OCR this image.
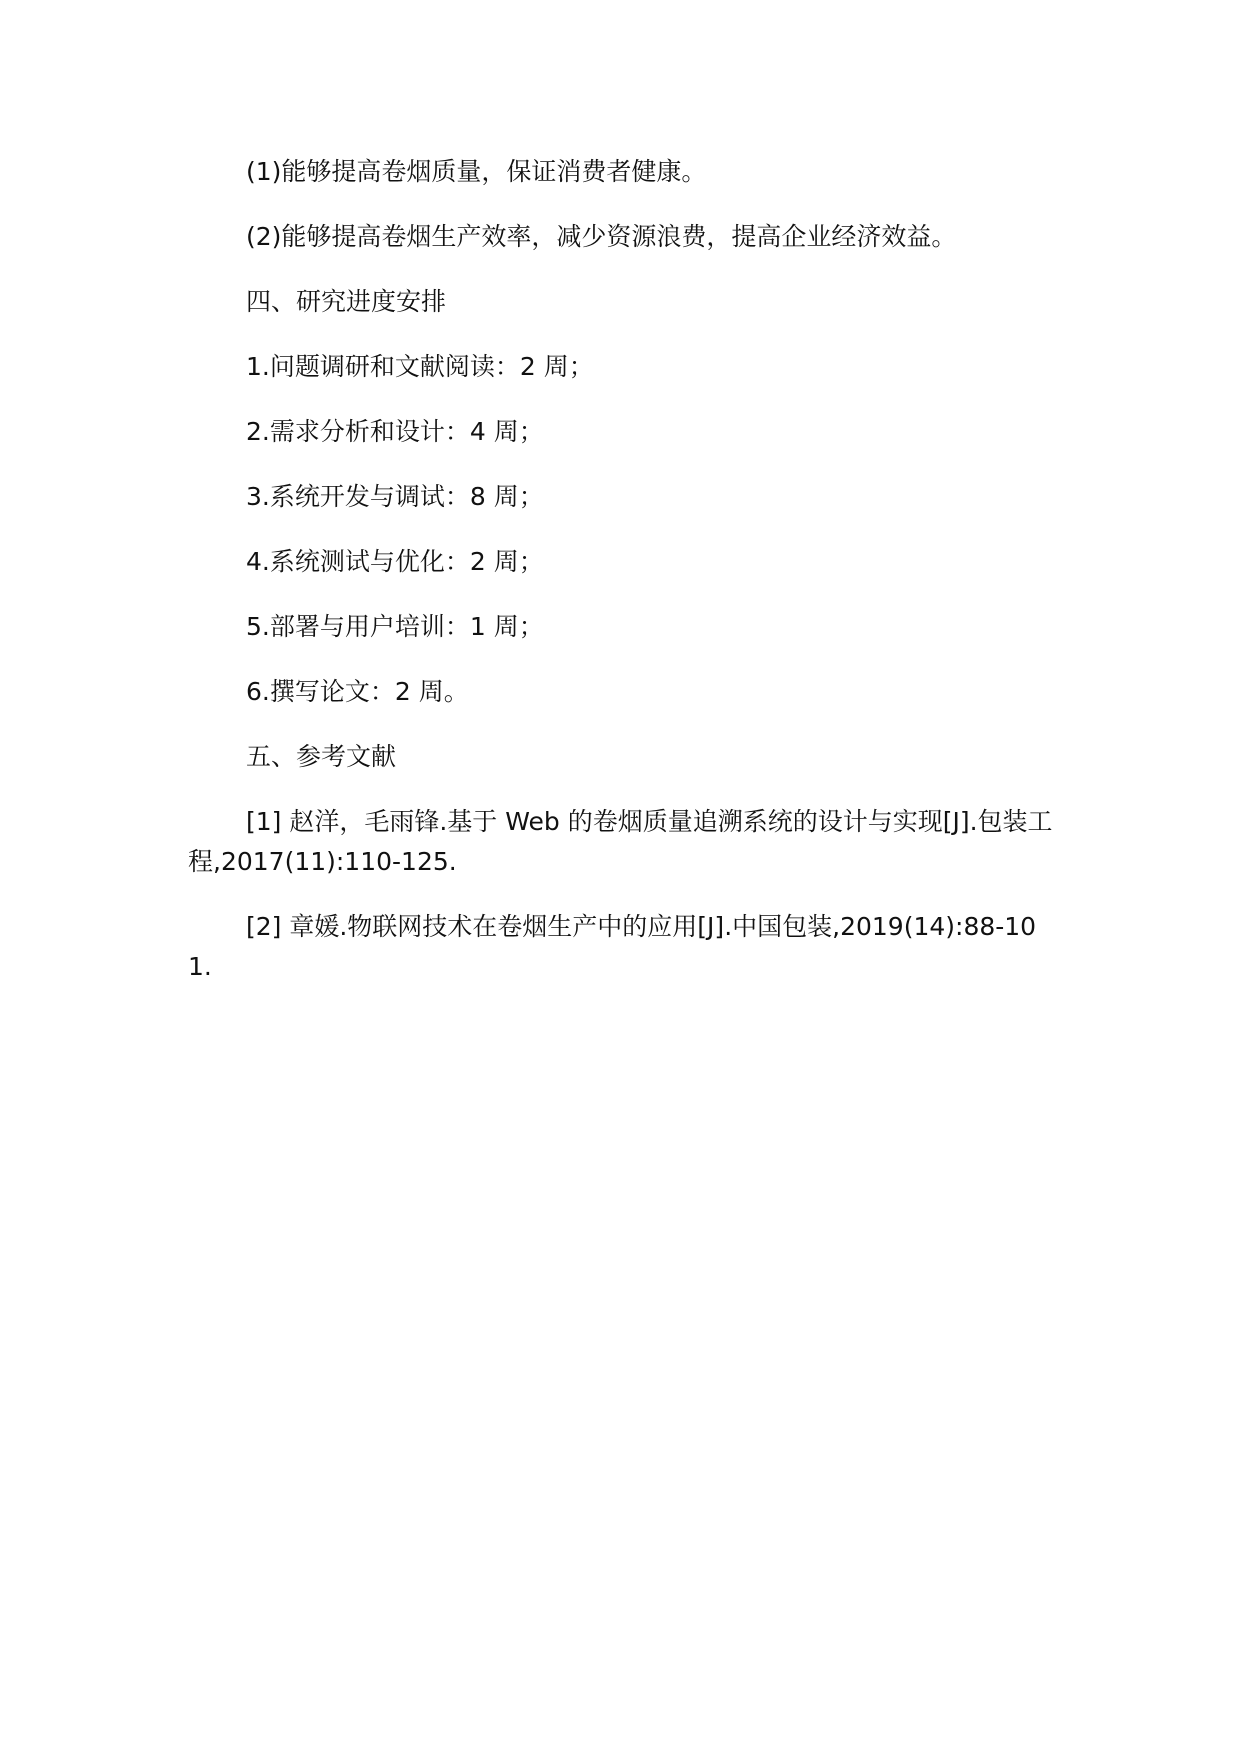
(1)能够提高卷烟质量，保证消费者健康。

(2)能够提高卷烟生产效率，减少资源浪费，提高企业经济效益。

四、研究进度安排

1.问题调研和文献阅读：2 周；

2.需求分析和设计：4 周；

3.系统开发与调试：8 周；

4.系统测试与优化：2 周；

5.部署与用户培训：1 周；

6.撰写论文：2 周。

五、参考文献

[1] 赵洋，毛雨锋.基于 Web 的卷烟质量追溯系统的设计与实现[J].包装工程,2017(11):110-125.

[2] 章媛.物联网技术在卷烟生产中的应用[J].中国包装,2019(14):88-101.
